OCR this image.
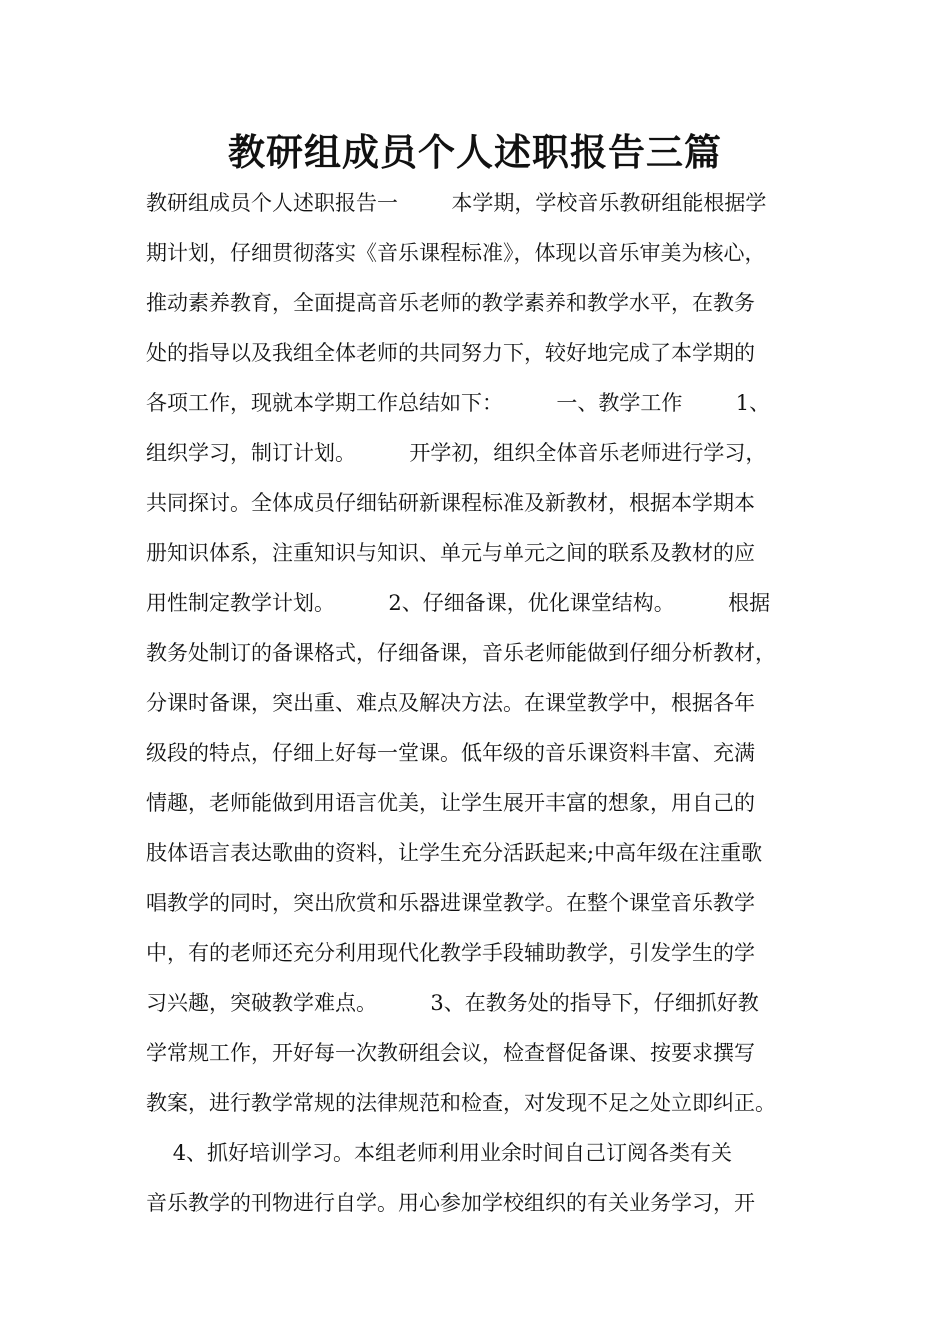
教研组成员个人述职报告三篇
教研组成员个人述职报告一        本学期，学校音乐教研组能根据学
期计划，仔细贯彻落实《音乐课程标准》，体现以音乐审美为核心，
推动素养教育，全面提高音乐老师的教学素养和教学水平，在教务
处的指导以及我组全体老师的共同努力下，较好地完成了本学期的
各项工作，现就本学期工作总结如下：        一、教学工作        1、
组织学习，制订计划。        开学初，组织全体音乐老师进行学习，
共同探讨。全体成员仔细钻研新课程标准及新教材，根据本学期本
册知识体系，注重知识与知识、单元与单元之间的联系及教材的应
用性制定教学计划。        2、仔细备课，优化课堂结构。        根据
教务处制订的备课格式，仔细备课，音乐老师能做到仔细分析教材，
分课时备课，突出重、难点及解决方法。在课堂教学中，根据各年
级段的特点，仔细上好每一堂课。低年级的音乐课资料丰富、充满
情趣，老师能做到用语言优美，让学生展开丰富的想象，用自己的
肢体语言表达歌曲的资料，让学生充分活跃起来;中高年级在注重歌
唱教学的同时，突出欣赏和乐器进课堂教学。在整个课堂音乐教学
中，有的老师还充分利用现代化教学手段辅助教学，引发学生的学
习兴趣，突破教学难点。        3、在教务处的指导下，仔细抓好教
学常规工作，开好每一次教研组会议，检查督促备课、按要求撰写
教案，进行教学常规的法律规范和检查，对发现不足之处立即纠正。
4、抓好培训学习。本组老师利用业余时间自己订阅各类有关
音乐教学的刊物进行自学。用心参加学校组织的有关业务学习，开
